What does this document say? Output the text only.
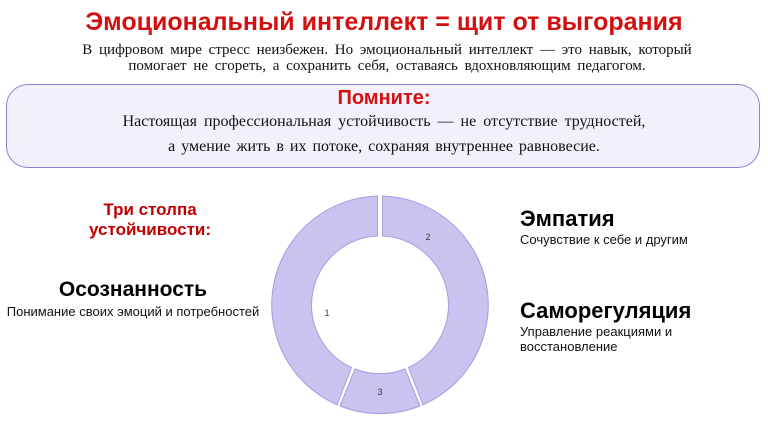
Эмоциональный интеллект = щит от выгорания
В цифровом мире стресс неизбежен. Но эмоциональный интеллект — это навык, который помогает не сгореть, а сохранить себя, оставаясь вдохновляющим педагогом.
Помните:
Настоящая профессиональная устойчивость — не отсутствие трудностей,
а умение жить в их потоке, сохраняя внутреннее равновесие.
Три столпа устойчивости:
Осознанность
Понимание своих эмоций и потребностей
Эмпатия
Сочувствие к себе и другим
Саморегуляция
Управление реакциями и восстановление
1
2
3
